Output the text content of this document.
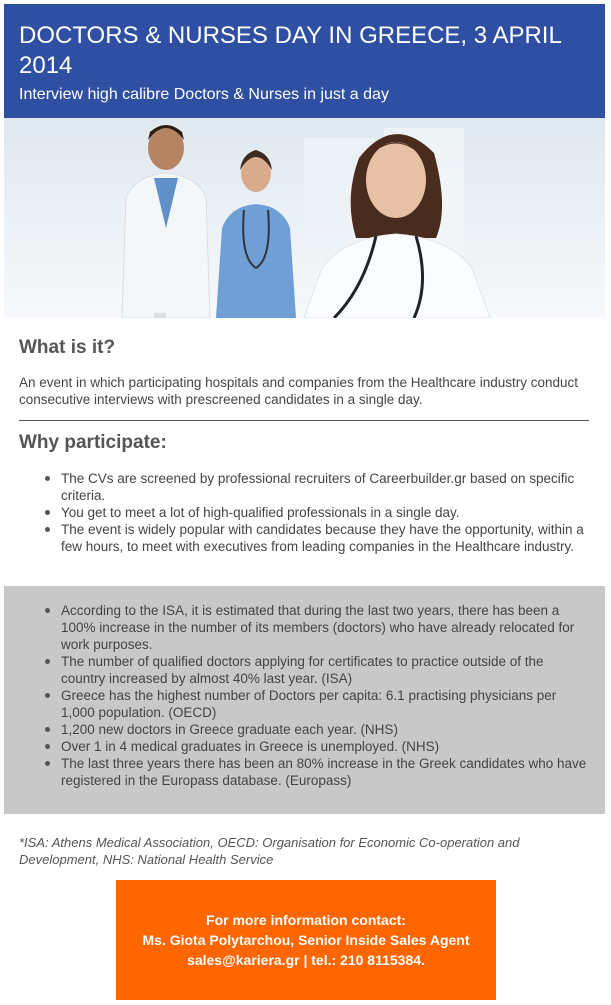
DOCTORS & NURSES DAY IN GREECE, 3 APRIL 2014
Interview high calibre Doctors & Nurses in just a day
What is it?
An event in which participating hospitals and companies from the Healthcare industry conduct consecutive interviews with prescreened candidates in a single day.
Why participate:
The CVs are screened by professional recruiters of Careerbuilder.gr based on specific criteria.
You get to meet a lot of high-qualified professionals in a single day.
The event is widely popular with candidates because they have the opportunity, within a few hours, to meet with executives from leading companies in the Healthcare industry.
According to the ISA, it is estimated that during the last two years, there has been a 100% increase in the number of its members (doctors) who have already relocated for work purposes.
The number of qualified doctors applying for certificates to practice outside of the country increased by almost 40% last year. (ISA)
Greece has the highest number of Doctors per capita: 6.1 practising physicians per 1,000 population. (OECD)
1,200 new doctors in Greece graduate each year. (NHS)
Over 1 in 4 medical graduates in Greece is unemployed. (NHS)
The last three years there has been an 80% increase in the Greek candidates who have registered in the Europass database. (Europass)
*ISA: Athens Medical Association, OECD: Organisation for Economic Co-operation and Development, NHS: National Health Service
For more information contact:
Ms. Giota Polytarchou, Senior Inside Sales Agent
sales@kariera.gr | tel.: 210 8115384.
